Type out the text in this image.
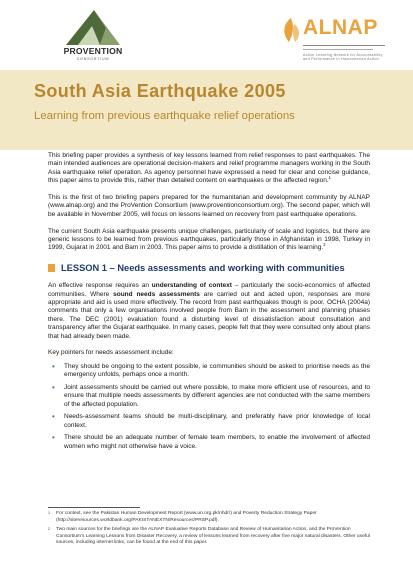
PROVENTION
CONSORTIUM
ALNAP
Active Learning Network for Accountability and Performance in Humanitarian Action
South Asia Earthquake 2005
Learning from previous earthquake relief operations

This briefing paper provides a synthesis of key lessons learned from relief responses to past earthquakes. The main intended audiences are operational decision-makers and relief programme managers working in the South Asia earthquake relief operation. As agency personnel have expressed a need for clear and concise guidance, this paper aims to provide this, rather than detailed content on earthquakes or the affected region.$^1$

This is the first of two briefing papers prepared for the humanitarian and development community by ALNAP (www.alnap.org) and the ProVention Consortium (www.proventionconsortium.org). The second paper, which will be available in November 2005, will focus on lessons learned on recovery from past earthquake operations.

The current South Asia earthquake presents unique challenges, particularly of scale and logistics, but there are generic lessons to be learned from previous earthquakes, particularly those in Afghanistan in 1998, Turkey in 1999, Gujarat in 2001 and Bam in 2003. This paper aims to provide a distillation of this learning.$^2$

LESSON 1 – Needs assessments and working with communities

An effective response requires an understanding of context – particularly the socio-economics of affected communities. Where sound needs assessments are carried out and acted upon, responses are more appropriate and aid is used more effectively. The record from past earthquakes though is poor. OCHA (2004a) comments that only a few organisations involved people from Bam in the assessment and planning phases there. The DEC (2001) evaluation found a disturbing level of dissatisfaction about consultation and transparency after the Gujarat earthquake. In many cases, people felt that they were consulted only about plans that had already been made.

Key pointers for needs assessment include:

• They should be ongoing to the extent possible, ie communities should be asked to prioritise needs as the emergency unfolds, perhaps once a month.
• Joint assessments should be carried out where possible, to make more efficient use of resources, and to ensure that multiple needs assessments by different agencies are not conducted with the same members of the affected population.
• Needs-assessment teams should be multi-disciplinary, and preferably have prior knowledge of local context.
• There should be an adequate number of female team members, to enable the involvement of affected women who might not otherwise have a voice.
1 For context, see the Pakistan Human Development Report (www.un.org.pk/nhdr/) and Poverty Reduction Strategy Paper (http://siteresources.worldbank.org/PAKISTANEXTN/Resources/PRSP.pdf).
2 Two main sources for the briefings are the ALNAP Evaluative Reports Database and Review of Humanitarian Action, and the ProVention Consortium's Learning Lessons from Disaster Recovery, a review of lessons learned from recovery after five major natural disasters. Other useful sources, including internet links, can be found at the end of this paper.
